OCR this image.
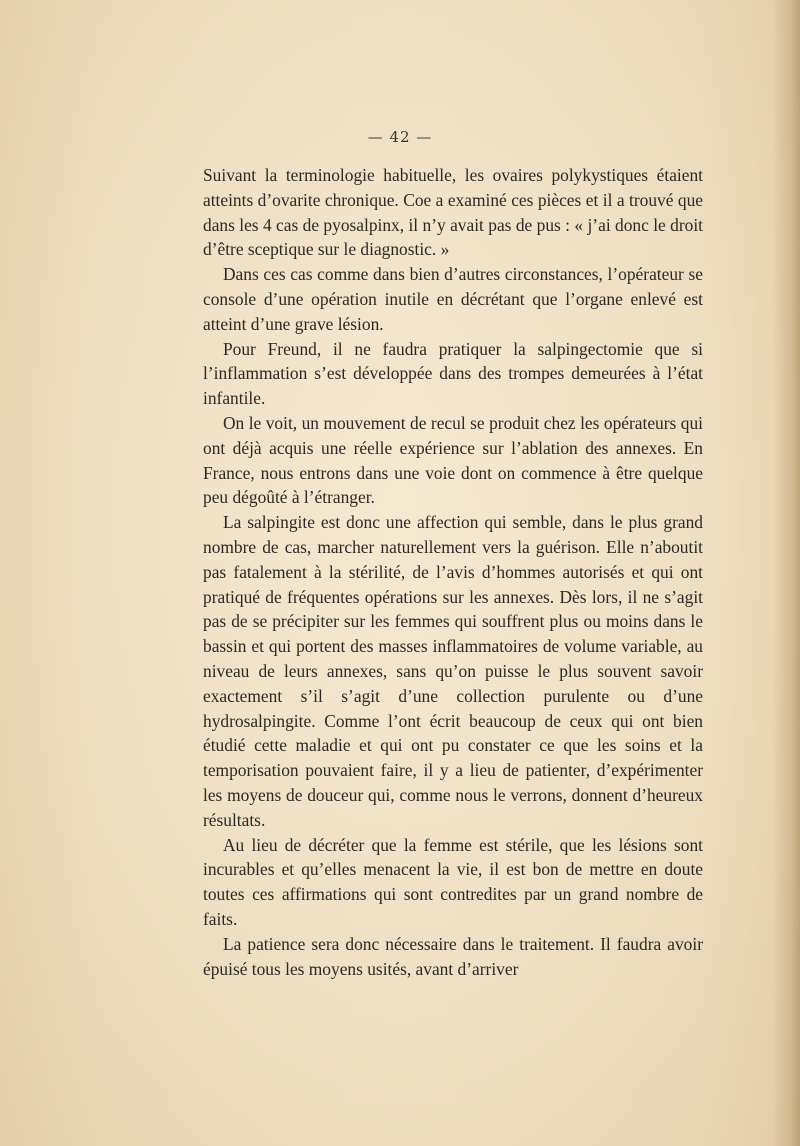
— 42 —

Suivant la terminologie habituelle, les ovaires polykystiques étaient atteints d’ovarite chronique. Coe a examiné ces pièces et il a trouvé que dans les 4 cas de pyosalpinx, il n’y avait pas de pus : « j’ai donc le droit d’être sceptique sur le diagnostic. »

Dans ces cas comme dans bien d’autres circonstances, l’opérateur se console d’une opération inutile en décrétant que l’organe enlevé est atteint d’une grave lésion.

Pour Freund, il ne faudra pratiquer la salpingectomie que si l’inflammation s’est développée dans des trompes demeurées à l’état infantile.

On le voit, un mouvement de recul se produit chez les opérateurs qui ont déjà acquis une réelle expérience sur l’ablation des annexes. En France, nous entrons dans une voie dont on commence à être quelque peu dégoûté à l’étranger.

La salpingite est donc une affection qui semble, dans le plus grand nombre de cas, marcher naturellement vers la guérison. Elle n’aboutit pas fatalement à la stérilité, de l’avis d’hommes autorisés et qui ont pratiqué de fréquentes opérations sur les annexes. Dès lors, il ne s’agit pas de se précipiter sur les femmes qui souffrent plus ou moins dans le bassin et qui portent des masses inflammatoires de volume variable, au niveau de leurs annexes, sans qu’on puisse le plus souvent savoir exactement s’il s’agit d’une collection purulente ou d’une hydrosalpingite. Comme l’ont écrit beaucoup de ceux qui ont bien étudié cette maladie et qui ont pu constater ce que les soins et la temporisation pouvaient faire, il y a lieu de patienter, d’expérimenter les moyens de douceur qui, comme nous le verrons, donnent d’heureux résultats.

Au lieu de décréter que la femme est stérile, que les lésions sont incurables et qu’elles menacent la vie, il est bon de mettre en doute toutes ces affirmations qui sont contredites par un grand nombre de faits.

La patience sera donc nécessaire dans le traitement. Il faudra avoir épuisé tous les moyens usités, avant d’arriver
